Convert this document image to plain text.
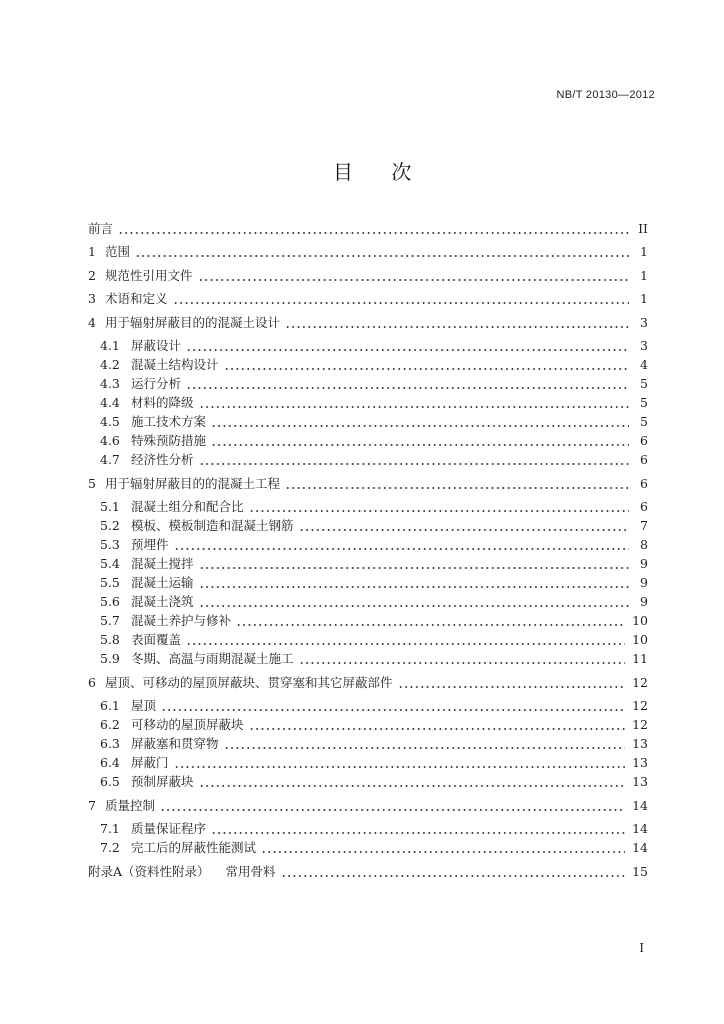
NB/T 20130—2012
目 次
前言	II
1 范围	1
2 规范性引用文件	1
3 术语和定义	1
4 用于辐射屏蔽目的的混凝土设计	3
4.1 屏蔽设计	3
4.2 混凝土结构设计	4
4.3 运行分析	5
4.4 材料的降级	5
4.5 施工技术方案	5
4.6 特殊预防措施	6
4.7 经济性分析	6
5 用于辐射屏蔽目的的混凝土工程	6
5.1 混凝土组分和配合比	6
5.2 模板、模板制造和混凝土钢筋	7
5.3 预埋件	8
5.4 混凝土搅拌	9
5.5 混凝土运输	9
5.6 混凝土浇筑	9
5.7 混凝土养护与修补	10
5.8 表面覆盖	10
5.9 冬期、高温与雨期混凝土施工	11
6 屋顶、可移动的屋顶屏蔽块、贯穿塞和其它屏蔽部件	12
6.1 屋顶	12
6.2 可移动的屋顶屏蔽块	12
6.3 屏蔽塞和贯穿物	13
6.4 屏蔽门	13
6.5 预制屏蔽块	13
7 质量控制	14
7.1 质量保证程序	14
7.2 完工后的屏蔽性能测试	14
附录A（资料性附录） 常用骨料	15
I
